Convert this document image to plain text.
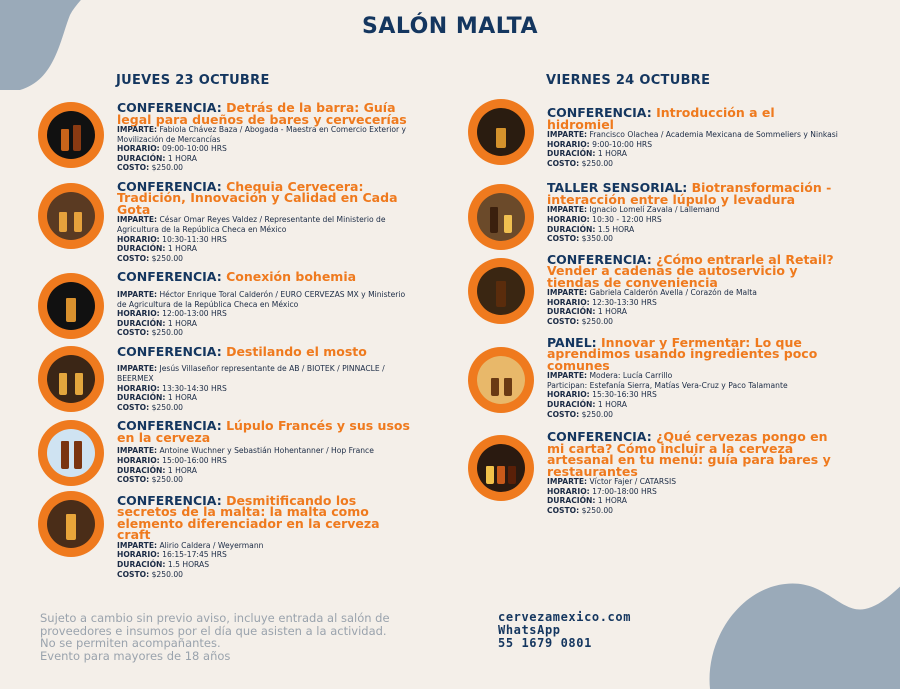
SALÓN MALTA
JUEVES 23 OCTUBRE
CONFERENCIA: Detrás de la barra: Guía legal para dueños de bares y cervecerías
IMPARTE: Fabiola Chávez Baza / Abogada - Maestra en Comercio Exterior y Movilización de Mercancías
HORARIO: 09:00-10:00 HRS
DURACIÓN: 1 HORA
COSTO: $250.00
CONFERENCIA: Chequia Cervecera: Tradición, Innovación y Calidad en Cada Gota
IMPARTE: César Omar Reyes Valdez / Representante del Ministerio de Agricultura de la República Checa en México
HORARIO: 10:30-11:30 HRS
DURACIÓN: 1 HORA
COSTO: $250.00
CONFERENCIA: Conexión bohemia
IMPARTE: Héctor Enrique Toral Calderón / EURO CERVEZAS MX y Ministerio de Agricultura de la República Checa en México
HORARIO: 12:00-13:00 HRS
DURACIÓN: 1 HORA
COSTO: $250.00
CONFERENCIA: Destilando el mosto
IMPARTE: Jesús Villaseñor representante de AB / BIOTEK / PINNACLE / BEERMEX
HORARIO: 13:30-14:30 HRS
DURACIÓN: 1 HORA
COSTO: $250.00
CONFERENCIA: Lúpulo Francés y sus usos en la cerveza
IMPARTE: Antoine Wuchner y Sebastián Hohentanner / Hop France
HORARIO: 15:00-16:00 HRS
DURACIÓN: 1 HORA
COSTO: $250.00
CONFERENCIA: Desmitificando los secretos de la malta: la malta como elemento diferenciador en la cerveza craft
IMPARTE: Alirio Caldera / Weyermann
HORARIO: 16:15-17:45 HRS
DURACIÓN: 1.5 HORAS
COSTO: $250.00
VIERNES 24 OCTUBRE
CONFERENCIA: Introducción a el hidromiel
IMPARTE: Francisco Olachea / Academia Mexicana de Sommeliers y Ninkasi
HORARIO: 9:00-10:00 HRS
DURACIÓN: 1 HORA
COSTO: $250.00
TALLER SENSORIAL: Biotransformación - interacción entre lúpulo y levadura
IMPARTE: Ignacio Lomelí Zavala / Lallemand
HORARIO: 10:30 - 12:00 HRS
DURACIÓN: 1.5 HORA
COSTO: $350.00
CONFERENCIA: ¿Cómo entrarle al Retail? Vender a cadenas de autoservicio y tiendas de conveniencia
IMPARTE: Gabriela Calderón Avella / Corazón de Malta
HORARIO: 12:30-13:30 HRS
DURACIÓN: 1 HORA
COSTO: $250.00
PANEL: Innovar y Fermentar: Lo que aprendimos usando ingredientes poco comunes
IMPARTE: Modera: Lucía Carrillo
Participan: Estefanía Sierra, Matías Vera-Cruz y Paco Talamante
HORARIO: 15:30-16:30 HRS
DURACIÓN: 1 HORA
COSTO: $250.00
CONFERENCIA: ¿Qué cervezas pongo en mi carta? Cómo incluir a la cerveza artesanal en tu menú: guía para bares y restaurantes
IMPARTE: Víctor Fajer / CATARSIS
HORARIO: 17:00-18:00 HRS
DURACIÓN: 1 HORA
COSTO: $250.00
Sujeto a cambio sin previo aviso, incluye entrada al salón de
proveedores e insumos por el día que asisten a la actividad.
No se permiten acompañantes.
Evento para mayores de 18 años
cervezamexico.com
WhatsApp
55 1679 0801
